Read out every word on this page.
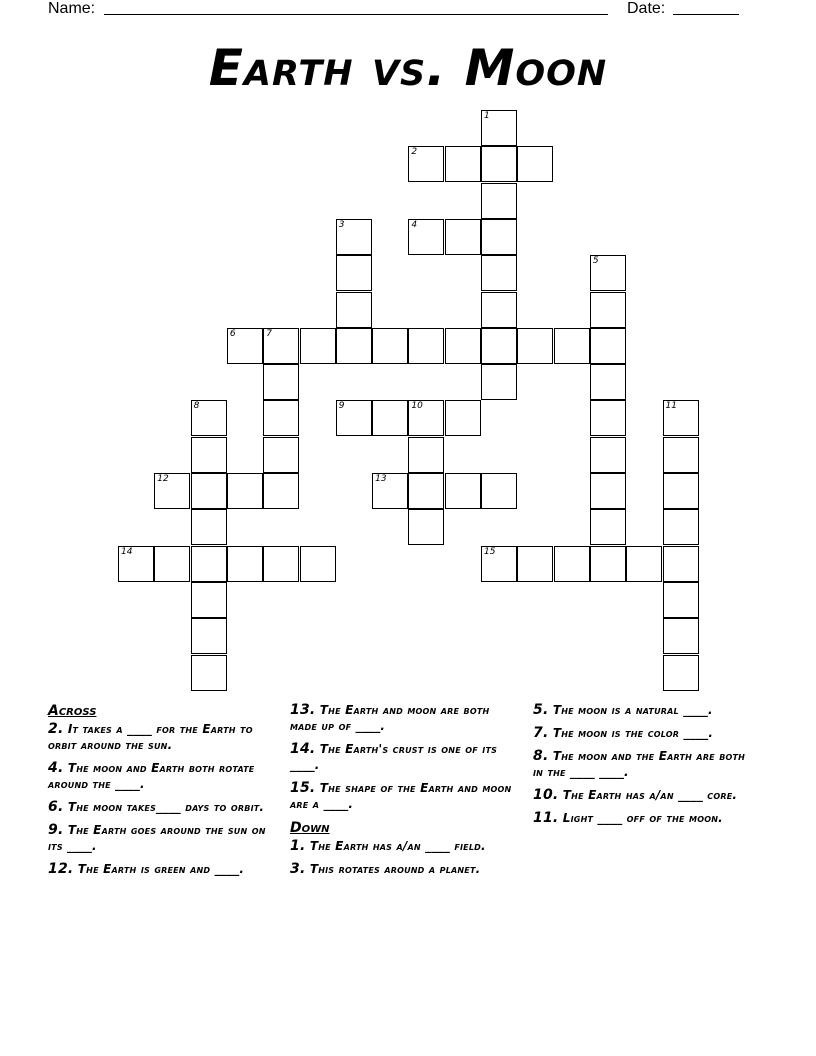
Name:	Date:
Earth vs. Moon
1
2
3	4
5
6	7
8	9	10	11
12	13
14	15
Across
2. It takes a ____ for the Earth to orbit around the sun.
4. The moon and Earth both rotate around the ____.
6. The moon takes____ days to orbit.
9. The Earth goes around the sun on its ____.
12. The Earth is green and ____.
13. The Earth and moon are both made up of ____.
14. The Earth's crust is one of its ____.
15. The shape of the Earth and moon are a ____.
Down
1. The Earth has a/an ____ field.
3. This rotates around a planet.
5. The moon is a natural ____.
7. The moon is the color ____.
8. The moon and the Earth are both in the ____ ____.
10. The Earth has a/an ____ core.
11. Light ____ off of the moon.
